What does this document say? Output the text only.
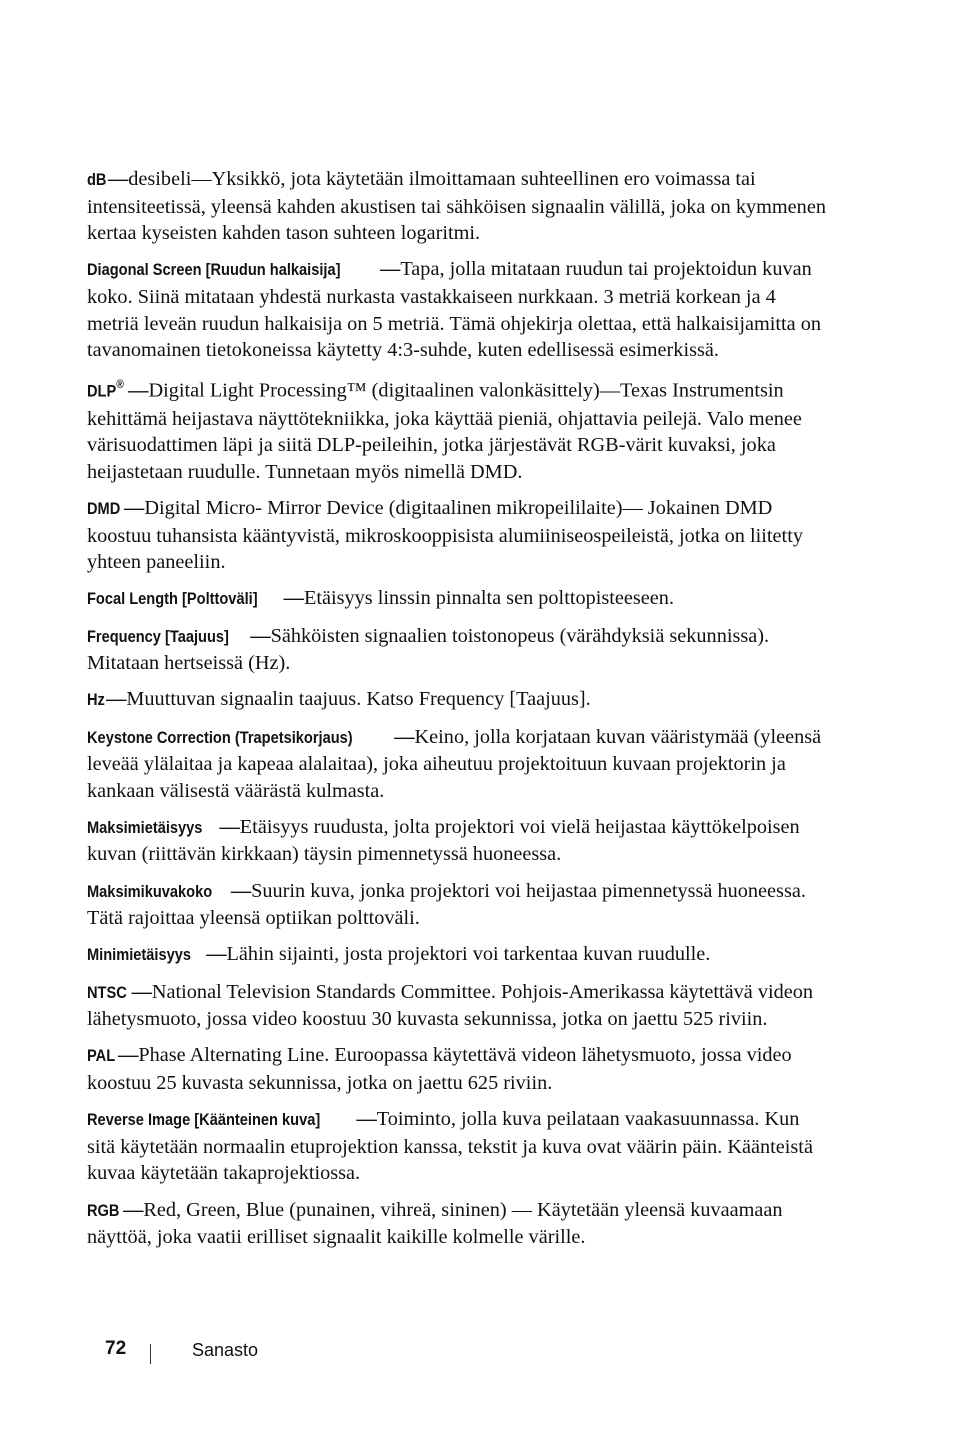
dB—desibeli—Yksikkö, jota käytetään ilmoittamaan suhteellinen ero voimassa tai intensiteetissä, yleensä kahden akustisen tai sähköisen signaalin välillä, joka on kymmenen kertaa kyseisten kahden tason suhteen logaritmi.

Diagonal Screen [Ruudun halkaisija] —Tapa, jolla mitataan ruudun tai projektoidun kuvan koko. Siinä mitataan yhdestä nurkasta vastakkaiseen nurkkaan. 3 metriä korkean ja 4 metriä leveän ruudun halkaisija on 5 metriä. Tämä ohjekirja olettaa, että halkaisijamitta on tavanomainen tietokoneissa käytetty 4:3-suhde, kuten edellisessä esimerkissä.

DLP® —Digital Light Processing™ (digitaalinen valonkäsittely)—Texas Instrumentsin kehittämä heijastava näyttötekniikka, joka käyttää pieniä, ohjattavia peilejä. Valo menee värisuodattimen läpi ja siitä DLP-peileihin, jotka järjestävät RGB-värit kuvaksi, joka heijastetaan ruudulle. Tunnetaan myös nimellä DMD.

DMD —Digital Micro- Mirror Device (digitaalinen mikropeililaite)— Jokainen DMD koostuu tuhansista kääntyvistä, mikroskooppisista alumiiniseospeileistä, jotka on liitetty yhteen paneeliin.

Focal Length [Polttoväli] —Etäisyys linssin pinnalta sen polttopisteeseen.

Frequency [Taajuus] —Sähköisten signaalien toistonopeus (värähdyksiä sekunnissa). Mitataan hertseissä (Hz).

Hz—Muuttuvan signaalin taajuus. Katso Frequency [Taajuus].

Keystone Correction (Trapetsikorjaus) —Keino, jolla korjataan kuvan vääristymää (yleensä leveää ylälaitaa ja kapeaa alalaitaa), joka aiheutuu projektoituun kuvaan projektorin ja kankaan välisestä väärästä kulmasta.

Maksimietäisyys —Etäisyys ruudusta, jolta projektori voi vielä heijastaa käyttökelpoisen kuvan (riittävän kirkkaan) täysin pimennetyssä huoneessa.

Maksimikuvakoko —Suurin kuva, jonka projektori voi heijastaa pimennetyssä huoneessa. Tätä rajoittaa yleensä optiikan polttoväli.

Minimietäisyys —Lähin sijainti, josta projektori voi tarkentaa kuvan ruudulle.

NTSC —National Television Standards Committee. Pohjois-Amerikassa käytettävä videon lähetysmuoto, jossa video koostuu 30 kuvasta sekunnissa, jotka on jaettu 525 riviin.

PAL —Phase Alternating Line. Euroopassa käytettävä videon lähetysmuoto, jossa video koostuu 25 kuvasta sekunnissa, jotka on jaettu 625 riviin.

Reverse Image [Käänteinen kuva] —Toiminto, jolla kuva peilataan vaakasuunnassa. Kun sitä käytetään normaalin etuprojektion kanssa, tekstit ja kuva ovat väärin päin. Käänteistä kuvaa käytetään takaprojektiossa.

RGB —Red, Green, Blue (punainen, vihreä, sininen) — Käytetään yleensä kuvaamaan näyttöä, joka vaatii erilliset signaalit kaikille kolmelle värille.

72	Sanasto
